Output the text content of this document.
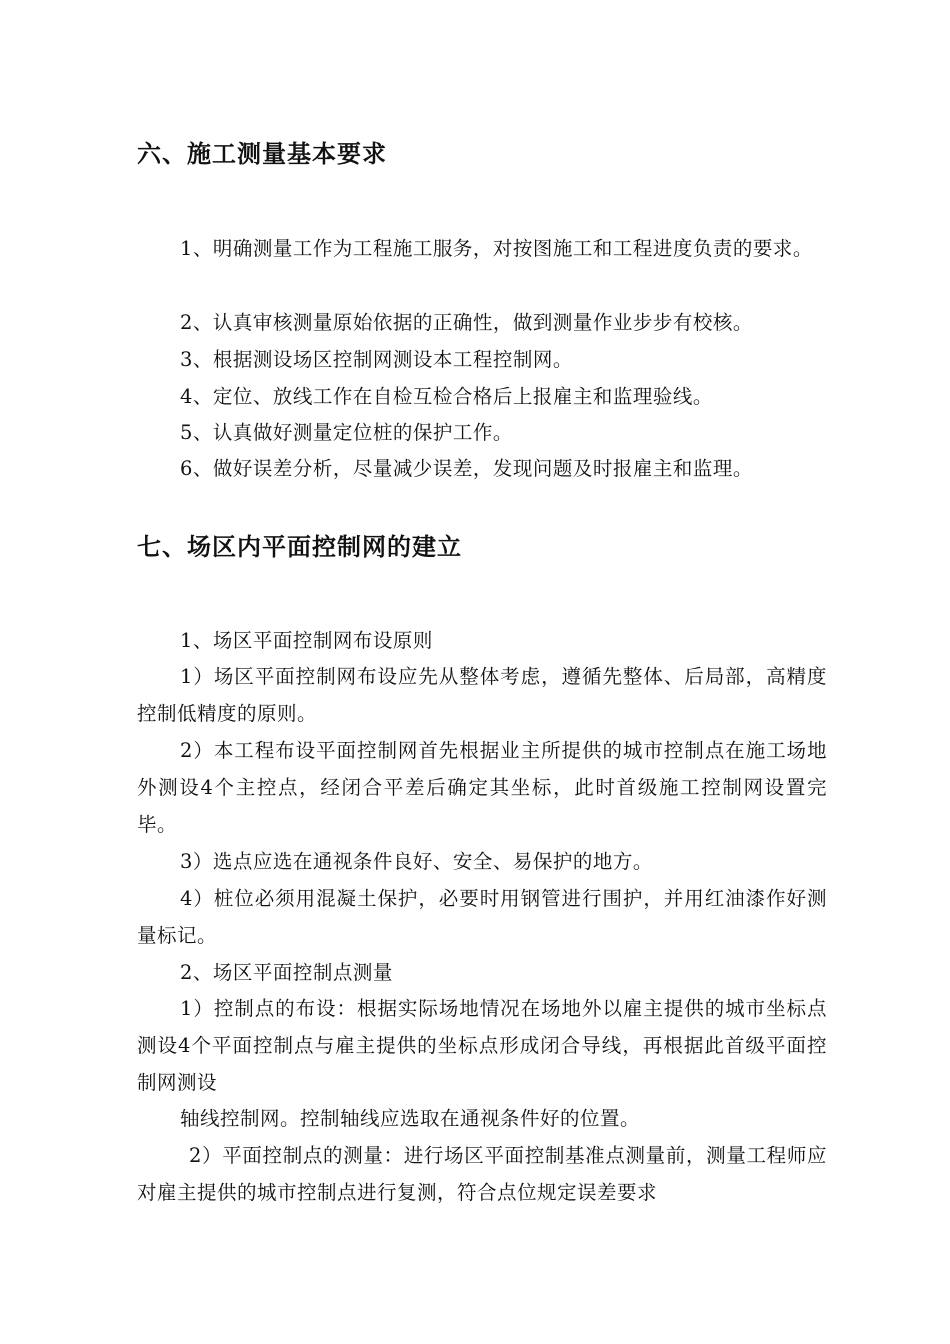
六、施工测量基本要求

1、明确测量工作为工程施工服务，对按图施工和工程进度负责的要求。

2、认真审核测量原始依据的正确性，做到测量作业步步有校核。

3、根据测设场区控制网测设本工程控制网。

4、定位、放线工作在自检互检合格后上报雇主和监理验线。

5、认真做好测量定位桩的保护工作。

6、做好误差分析，尽量减少误差，发现问题及时报雇主和监理。

七、场区内平面控制网的建立

1、场区平面控制网布设原则

1）场区平面控制网布设应先从整体考虑，遵循先整体、后局部，高精度控制低精度的原则。

2）本工程布设平面控制网首先根据业主所提供的城市控制点在施工场地外测设4个主控点，经闭合平差后确定其坐标，此时首级施工控制网设置完毕。

3）选点应选在通视条件良好、安全、易保护的地方。

4）桩位必须用混凝土保护，必要时用钢管进行围护，并用红油漆作好测量标记。

2、场区平面控制点测量

1）控制点的布设：根据实际场地情况在场地外以雇主提供的城市坐标点测设4个平面控制点与雇主提供的坐标点形成闭合导线，再根据此首级平面控制网测设

轴线控制网。控制轴线应选取在通视条件好的位置。

2）平面控制点的测量：进行场区平面控制基准点测量前，测量工程师应对雇主提供的城市控制点进行复测，符合点位规定误差要求
